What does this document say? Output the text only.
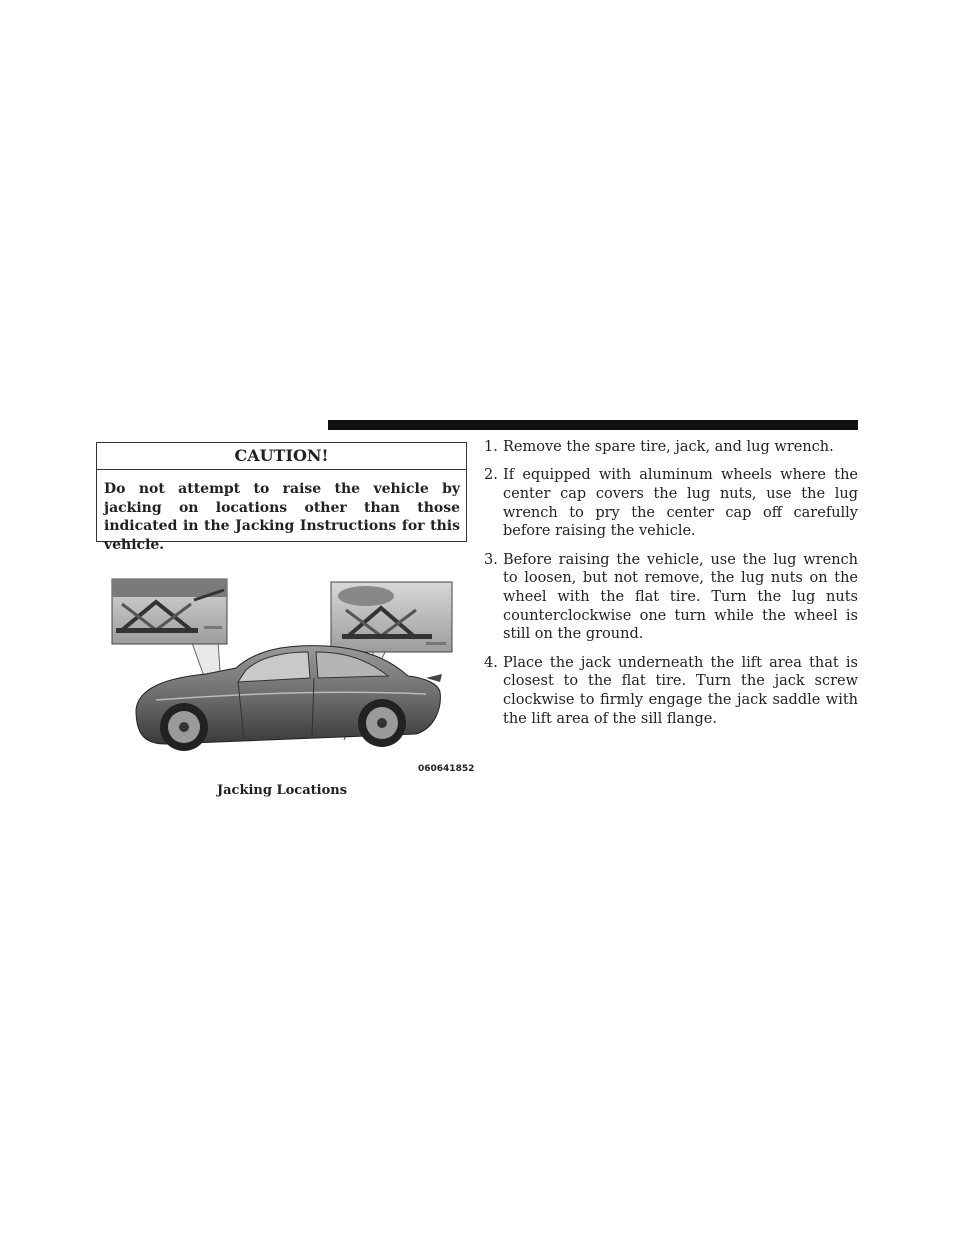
CAUTION!
Do not attempt to raise the vehicle by jacking on locations other than those indicated in the Jacking Instructions for this vehicle.
060641852
Jacking Locations
1. Remove the spare tire, jack, and lug wrench.
2. If equipped with aluminum wheels where the center cap covers the lug nuts, use the lug wrench to pry the center cap off carefully before raising the vehicle.
3. Before raising the vehicle, use the lug wrench to loosen, but not remove, the lug nuts on the wheel with the flat tire. Turn the lug nuts counterclockwise one turn while the wheel is still on the ground.
4. Place the jack underneath the lift area that is closest to the flat tire. Turn the jack screw clockwise to firmly engage the jack saddle with the lift area of the sill flange.
